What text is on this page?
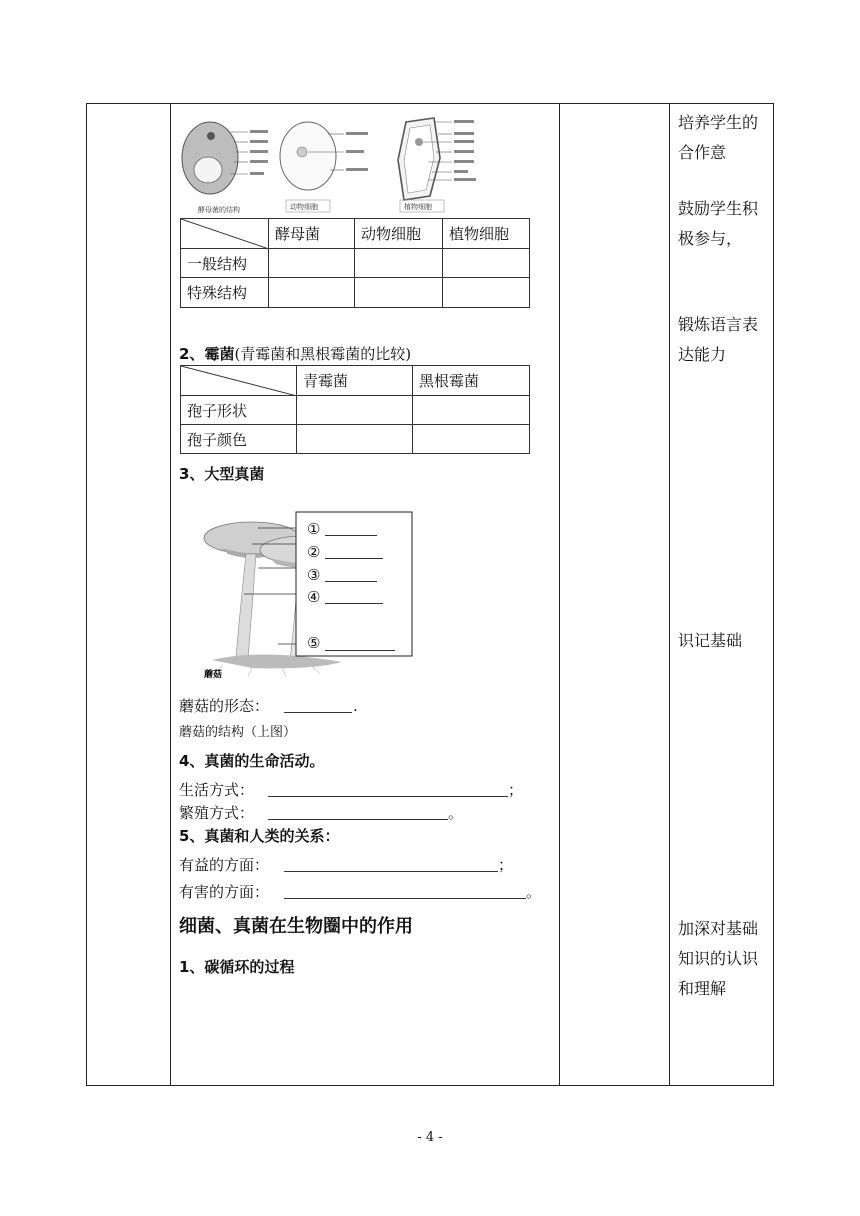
酵母菌的结构	动物细胞	植物细胞
	酵母菌	动物细胞	植物细胞
一般结构			
特殊结构			
2、霉菌(青霉菌和黑根霉菌的比较)
	青霉菌	黑根霉菌
孢子形状		
孢子颜色		
3、大型真菌
蘑菇
①
②
③
④
⑤
蘑菇的形态：	.
蘑菇的结构（上图）
4、真菌的生命活动。
生活方式：	；
繁殖方式：	。
5、真菌和人类的关系：
有益的方面：	；
有害的方面：	。
细菌、真菌在生物圈中的作用
1、碳循环的过程
培养学生的
合作意
鼓励学生积
极参与，
锻炼语言表
达能力
识记基础
加深对基础
知识的认识
和理解
- 4 -
